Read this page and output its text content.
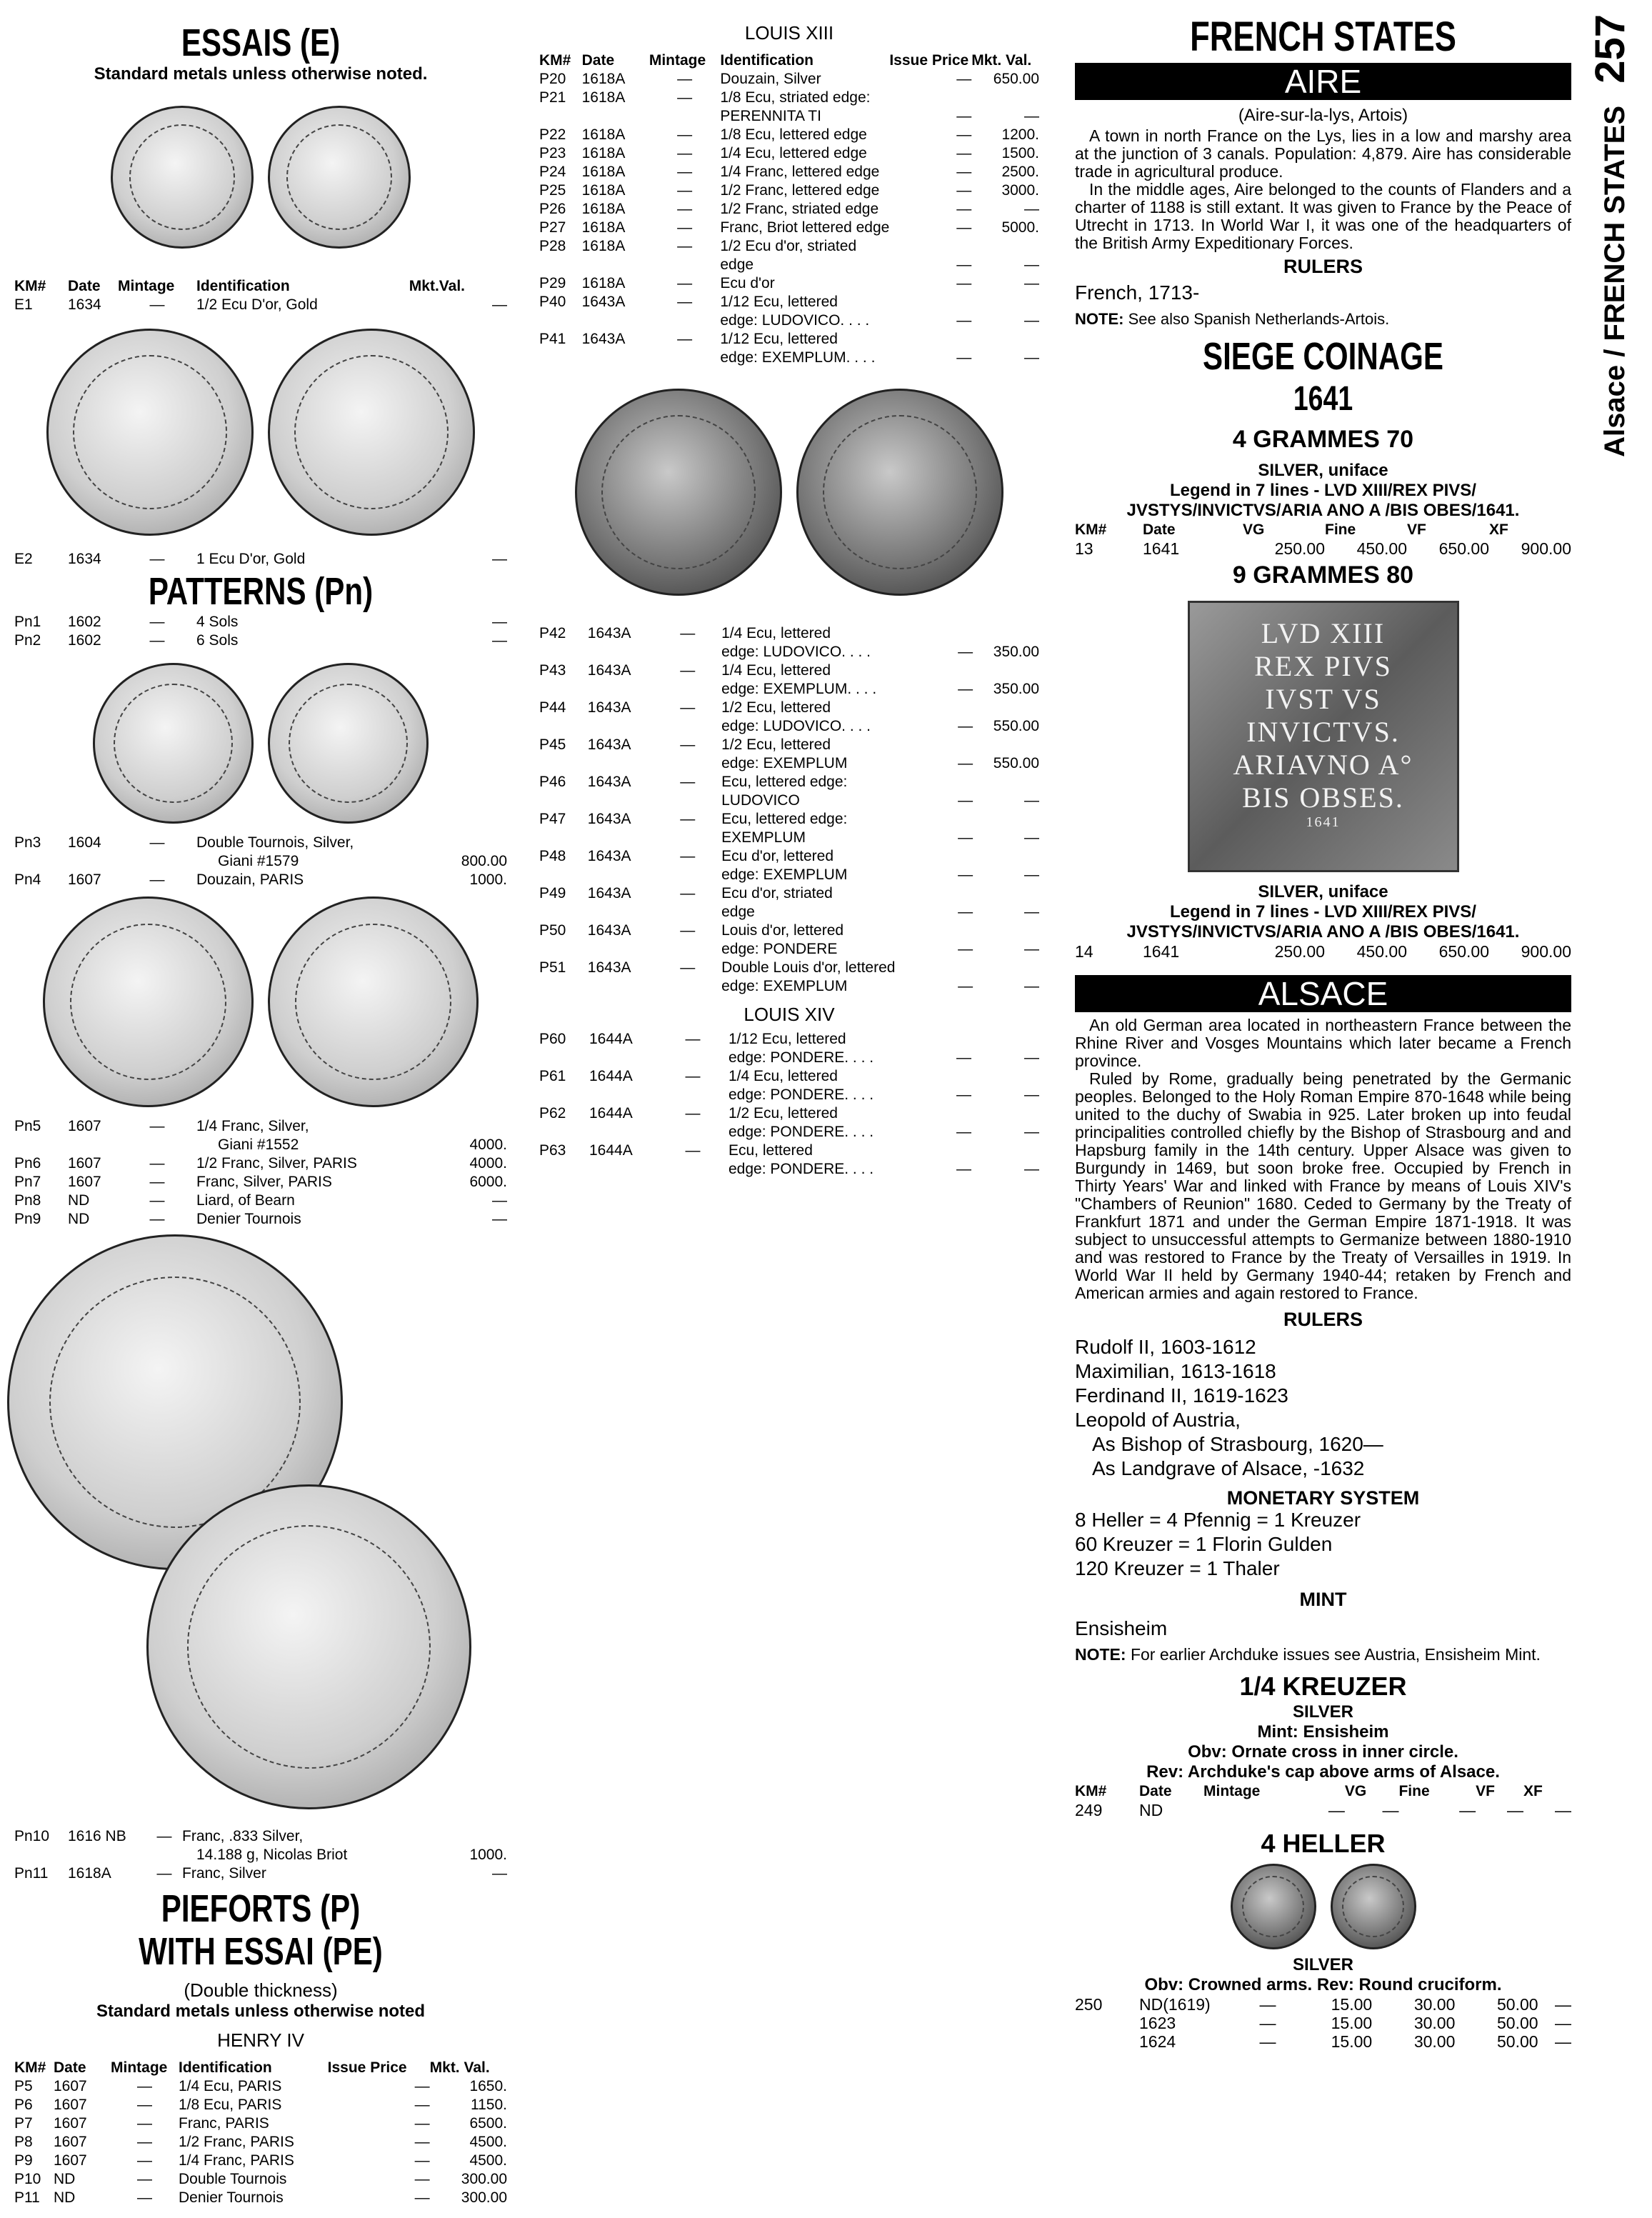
ESSAIS (E)
Standard metals unless otherwise noted.
KM#	Date	Mintage	Identification	Mkt.Val.
E1	1634	—	1/2 Ecu D'or, Gold	—
E2	1634	—	1 Ecu D'or, Gold	—
PATTERNS (Pn)
Pn1	1602	—	4 Sols	—
Pn2	1602	—	6 Sols	—
Pn3	1604	—	Double Tournois, Silver,	
			Giani #1579	800.00
Pn4	1607	—	Douzain, PARIS	1000.
Pn5	1607	—	1/4 Franc, Silver,	
			Giani #1552	4000.
Pn6	1607	—	1/2 Franc, Silver, PARIS	4000.
Pn7	1607	—	Franc, Silver, PARIS	6000.
Pn8	ND	—	Liard, of Bearn	—
Pn9	ND	—	Denier Tournois	—
Pn10	1616 NB	—	Franc, .833 Silver,	
			14.188 g, Nicolas Briot	1000.
Pn11	1618A	—	Franc, Silver	—
PIEFORTS (P)
WITH ESSAI (PE)
(Double thickness)
Standard metals unless otherwise noted
HENRY IV
KM#	Date	Mintage	Identification	Issue Price	Mkt. Val.
P5	1607	—	1/4 Ecu, PARIS	—	1650.
P6	1607	—	1/8 Ecu, PARIS	—	1150.
P7	1607	—	Franc, PARIS	—	6500.
P8	1607	—	1/2 Franc, PARIS	—	4500.
P9	1607	—	1/4 Franc, PARIS	—	4500.
P10	ND	—	Double Tournois	—	300.00
P11	ND	—	Denier Tournois	—	300.00
LOUIS XIII
KM#	Date	Mintage	Identification	Issue Price	Mkt. Val.
P20	1618A	—	Douzain, Silver	—	650.00
P21	1618A	—	1/8 Ecu, striated edge:		
			PERENNITA TI	—	—
P22	1618A	—	1/8 Ecu, lettered edge	—	1200.
P23	1618A	—	1/4 Ecu, lettered edge	—	1500.
P24	1618A	—	1/4 Franc, lettered edge	—	2500.
P25	1618A	—	1/2 Franc, lettered edge	—	3000.
P26	1618A	—	1/2 Franc, striated edge	—	—
P27	1618A	—	Franc, Briot lettered edge	—	5000.
P28	1618A	—	1/2 Ecu d'or, striated		
			edge	—	—
P29	1618A	—	Ecu d'or	—	—
P40	1643A	—	1/12 Ecu, lettered		
			edge: LUDOVICO. . . .	—	—
P41	1643A	—	1/12 Ecu, lettered		
			edge: EXEMPLUM. . . .	—	—
P42	1643A	—	1/4 Ecu, lettered		
			edge: LUDOVICO. . . .	—	350.00
P43	1643A	—	1/4 Ecu, lettered		
			edge: EXEMPLUM. . . .	—	350.00
P44	1643A	—	1/2 Ecu, lettered		
			edge: LUDOVICO. . . .	—	550.00
P45	1643A	—	1/2 Ecu, lettered		
			edge: EXEMPLUM	—	550.00
P46	1643A	—	Ecu, lettered edge:		
			LUDOVICO	—	—
P47	1643A	—	Ecu, lettered edge:		
			EXEMPLUM	—	—
P48	1643A	—	Ecu d'or, lettered		
			edge: EXEMPLUM	—	—
P49	1643A	—	Ecu d'or, striated		
			edge	—	—
P50	1643A	—	Louis d'or, lettered		
			edge: PONDERE	—	—
P51	1643A	—	Double Louis d'or, lettered		
			edge: EXEMPLUM	—	—
LOUIS XIV
P60	1644A	—	1/12 Ecu, lettered		
			edge: PONDERE. . . .	—	—
P61	1644A	—	1/4 Ecu, lettered		
			edge: PONDERE. . . .	—	—
P62	1644A	—	1/2 Ecu, lettered		
			edge: PONDERE. . . .	—	—
P63	1644A	—	Ecu, lettered		
			edge: PONDERE. . . .	—	—
FRENCH STATES
AIRE
(Aire-sur-la-lys, Artois)

A town in north France on the Lys, lies in a low and marshy area at the junction of 3 canals. Population: 4,879. Aire has considerable trade in agricultural produce.

In the middle ages, Aire belonged to the counts of Flanders and a charter of 1188 is still extant. It was given to France by the Peace of Utrecht in 1713. In World War I, it was one of the headquarters of the British Army Expeditionary Forces.

RULERS
French, 1713-
NOTE: See also Spanish Netherlands-Artois.
SIEGE COINAGE
1641
4 GRAMMES 70
SILVER, uniface
Legend in 7 lines - LVD XIII/REX PIVS/
JVSTYS/INVICTVS/ARIA ANO A /BIS OBES/1641.
KM#	Date	VG	Fine	VF	XF
13	1641	250.00	450.00	650.00	900.00
9 GRAMMES 80
LVD XIII
REX PIVS
IVST VS
INVICTVS.
ARIAVNO A°
BIS OBSES.
1641
SILVER, uniface
Legend in 7 lines - LVD XIII/REX PIVS/
JVSTYS/INVICTVS/ARIA ANO A /BIS OBES/1641.
14	1641	250.00	450.00	650.00	900.00
ALSACE

An old German area located in northeastern France between the Rhine River and Vosges Mountains which later became a French province.

Ruled by Rome, gradually being penetrated by the Germanic peoples. Belonged to the Holy Roman Empire 870-1648 while being united to the duchy of Swabia in 925. Later broken up into feudal principalities controlled chiefly by the Bishop of Strasbourg and and Hapsburg family in the 14th century. Upper Alsace was given to Burgundy in 1469, but soon broke free. Occupied by French in Thirty Years' War and linked with France by means of Louis XIV's "Chambers of Reunion" 1680. Ceded to Germany by the Treaty of Frankfurt 1871 and under the German Empire 1871-1918. It was subject to unsuccessful attempts to Germanize between 1880-1910 and was restored to France by the Treaty of Versailles in 1919. In World War II held by Germany 1940-44; retaken by French and American armies and again restored to France.

RULERS
Rudolf II, 1603-1612
Maximilian, 1613-1618
Ferdinand II, 1619-1623
Leopold of Austria,
As Bishop of Strasbourg, 1620—
As Landgrave of Alsace, -1632
MONETARY SYSTEM
8 Heller = 4 Pfennig = 1 Kreuzer
60 Kreuzer = 1 Florin Gulden
120 Kreuzer = 1 Thaler
MINT
Ensisheim
NOTE: For earlier Archduke issues see Austria, Ensisheim Mint.
1/4 KREUZER
SILVER
Mint: Ensisheim
Obv: Ornate cross in inner circle.
Rev: Archduke's cap above arms of Alsace.
KM#	Date	Mintage	VG	Fine	VF	XF
249	ND	—	—	—	—	—
4 HELLER
SILVER
Obv: Crowned arms. Rev: Round cruciform.
250	ND(1619)	—	15.00	30.00	50.00	—
	1623	—	15.00	30.00	50.00	—
	1624	—	15.00	30.00	50.00	—
Alsace / FRENCH STATES 257
